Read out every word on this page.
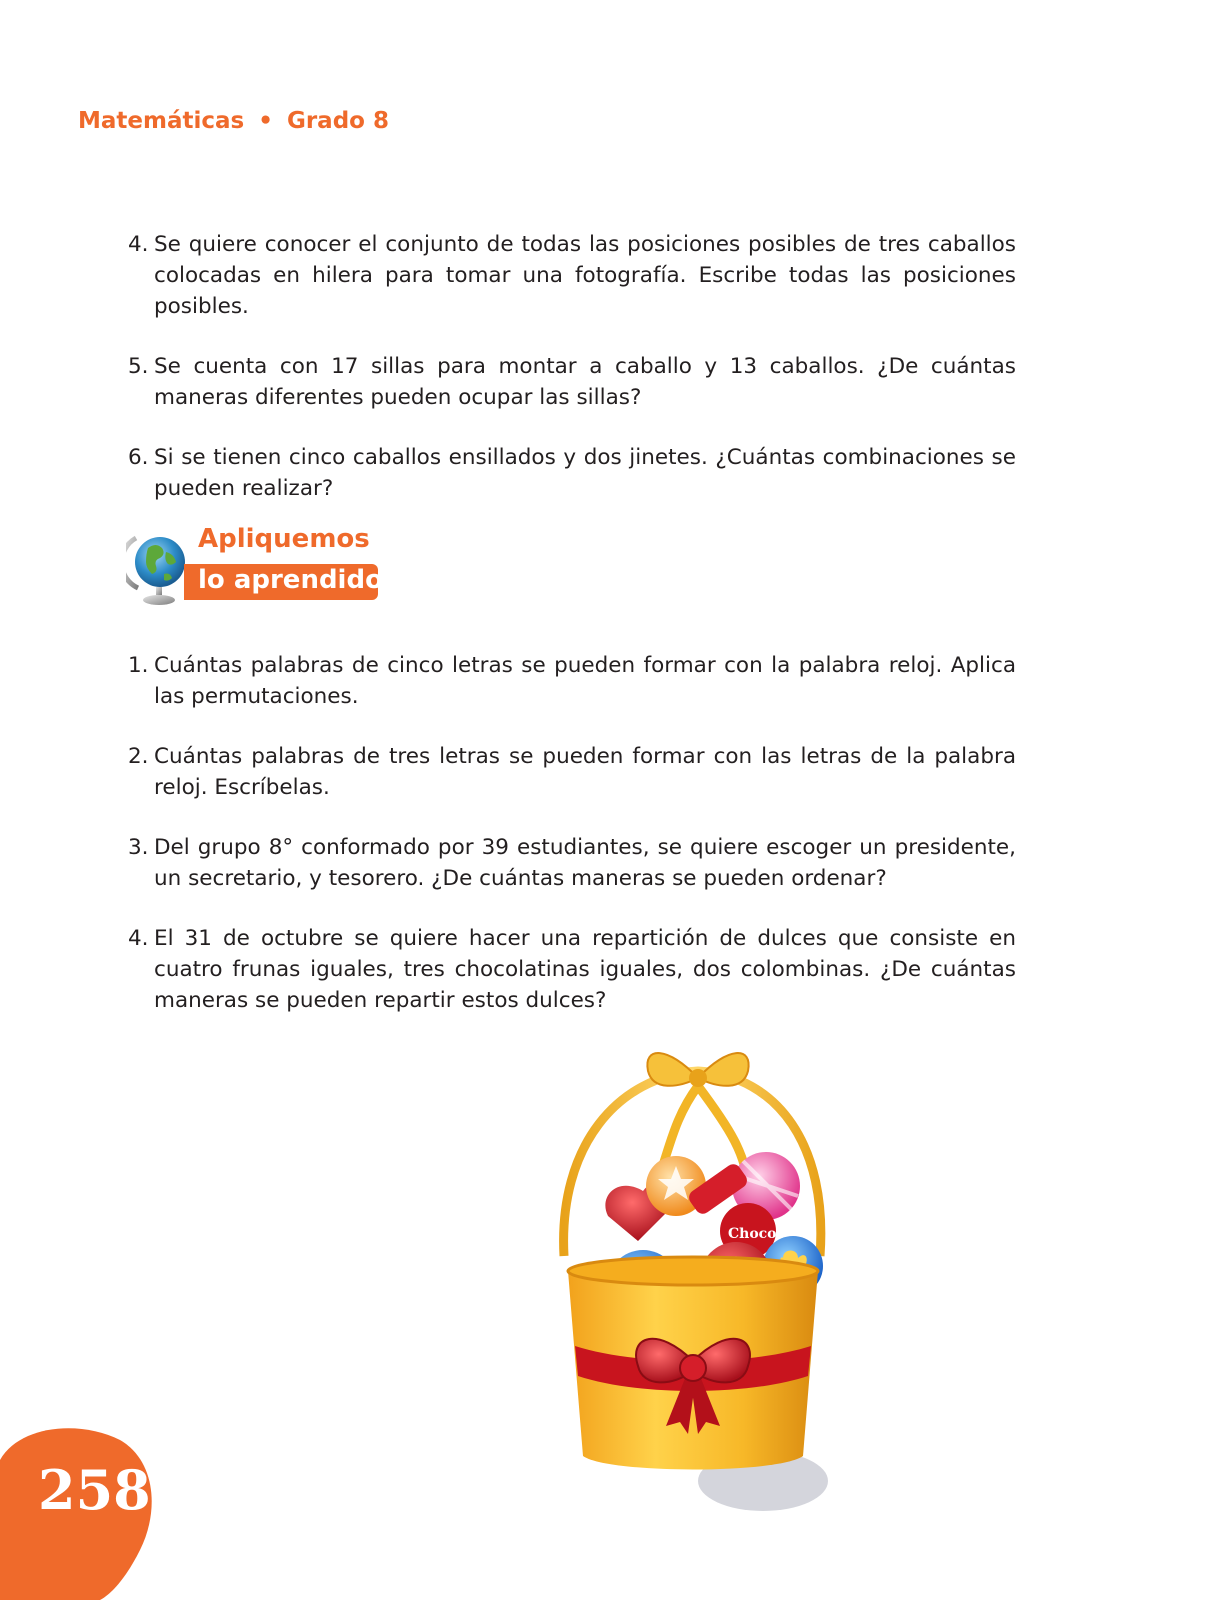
Matemáticas • Grado 8
4. Se quiere conocer el conjunto de todas las posiciones posibles de tres caballos colocadas en hilera para tomar una fotografía. Escribe todas las posiciones posibles.
5. Se cuenta con 17 sillas para montar a caballo y 13 caballos. ¿De cuántas maneras diferentes pueden ocupar las sillas?
6. Si se tienen cinco caballos ensillados y dos jinetes. ¿Cuántas combinaciones se pueden realizar?
Apliquemos
lo aprendido
1. Cuántas palabras de cinco letras se pueden formar con la palabra reloj. Aplica las permutaciones.
2. Cuántas palabras de tres letras se pueden formar con las letras de la palabra reloj. Escríbelas.
3. Del grupo 8° conformado por 39 estudiantes, se quiere escoger un presidente, un secretario, y tesorero. ¿De cuántas maneras se pueden ordenar?
4. El 31 de octubre se quiere hacer una repartición de dulces que consiste en cuatro frunas iguales, tres chocolatinas iguales, dos colombinas. ¿De cuántas maneras se pueden repartir estos dulces?
Choco
258
